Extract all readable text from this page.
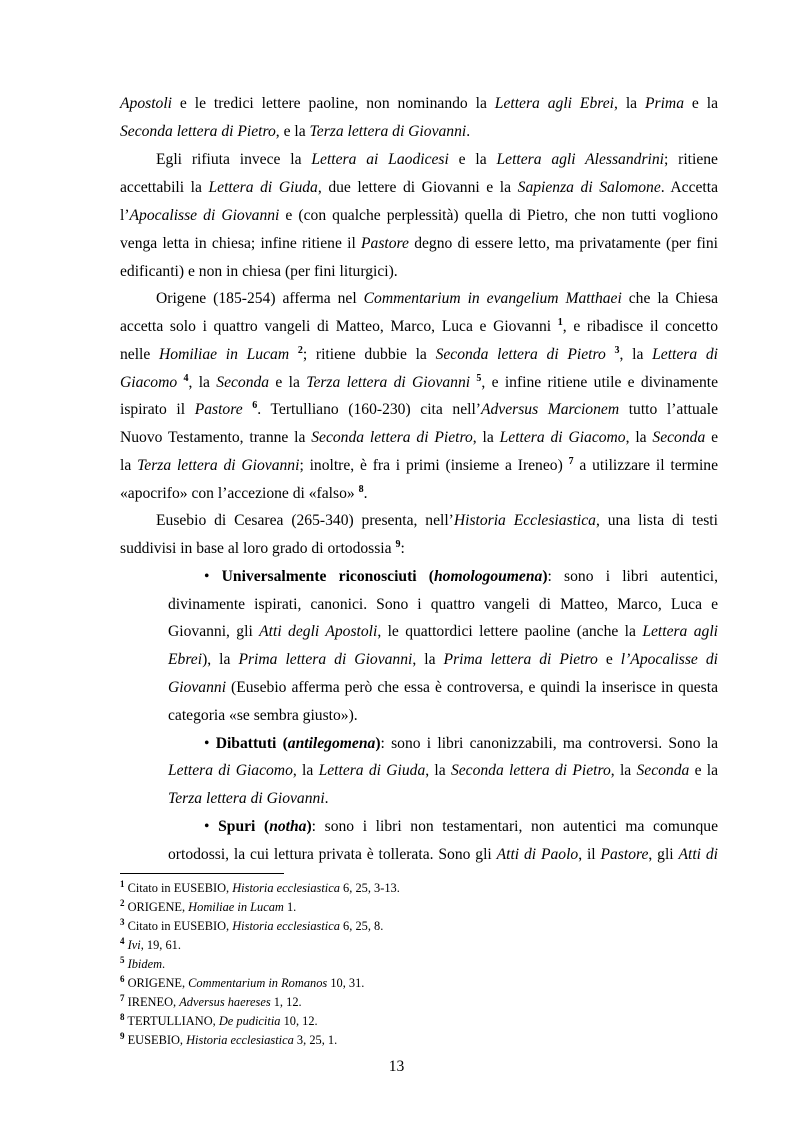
Apostoli e le tredici lettere paoline, non nominando la Lettera agli Ebrei, la Prima e la
Seconda lettera di Pietro, e la Terza lettera di Giovanni.
Egli rifiuta invece la Lettera ai Laodicesi e la Lettera agli Alessandrini; ritiene
accettabili la Lettera di Giuda, due lettere di Giovanni e la Sapienza di Salomone. Accetta
l’Apocalisse di Giovanni e (con qualche perplessità) quella di Pietro, che non tutti vogliono
venga letta in chiesa; infine ritiene il Pastore degno di essere letto, ma privatamente (per fini
edificanti) e non in chiesa (per fini liturgici).
Origene (185-254) afferma nel Commentarium in evangelium Matthaei che la Chiesa
accetta solo i quattro vangeli di Matteo, Marco, Luca e Giovanni $^1$, e ribadisce il concetto
nelle Homiliae in Lucam $^2$; ritiene dubbie la Seconda lettera di Pietro $^3$, la Lettera di
Giacomo $^4$, la Seconda e la Terza lettera di Giovanni $^5$, e infine ritiene utile e divinamente
ispirato il Pastore $^6$. Tertulliano (160-230) cita nell’Adversus Marcionem tutto l’attuale
Nuovo Testamento, tranne la Seconda lettera di Pietro, la Lettera di Giacomo, la Seconda e
la Terza lettera di Giovanni; inoltre, è fra i primi (insieme a Ireneo) $^7$ a utilizzare il termine
«apocrifo» con l’accezione di «falso» $^8$.
Eusebio di Cesarea (265-340) presenta, nell’Historia Ecclesiastica, una lista di testi
suddivisi in base al loro grado di ortodossia $^9$:
• Universalmente riconosciuti (homologoumena): sono i libri autentici,
divinamente ispirati, canonici. Sono i quattro vangeli di Matteo, Marco, Luca e
Giovanni, gli Atti degli Apostoli, le quattordici lettere paoline (anche la Lettera agli
Ebrei), la Prima lettera di Giovanni, la Prima lettera di Pietro e l’Apocalisse di
Giovanni (Eusebio afferma però che essa è controversa, e quindi la inserisce in questa
categoria «se sembra giusto»).
• Dibattuti (antilegomena): sono i libri canonizzabili, ma controversi. Sono la
Lettera di Giacomo, la Lettera di Giuda, la Seconda lettera di Pietro, la Seconda e la
Terza lettera di Giovanni.
• Spuri (notha): sono i libri non testamentari, non autentici ma comunque
ortodossi, la cui lettura privata è tollerata. Sono gli Atti di Paolo, il Pastore, gli Atti di
$^1$ Citato in EUSEBIO, Historia ecclesiastica 6, 25, 3-13.
$^2$ ORIGENE, Homiliae in Lucam 1.
$^3$ Citato in EUSEBIO, Historia ecclesiastica 6, 25, 8.
$^4$ Ivi, 19, 61.
$^5$ Ibidem.
$^6$ ORIGENE, Commentarium in Romanos 10, 31.
$^7$ IRENEO, Adversus haereses 1, 12.
$^8$ TERTULLIANO, De pudicitia 10, 12.
$^9$ EUSEBIO, Historia ecclesiastica 3, 25, 1.
13
